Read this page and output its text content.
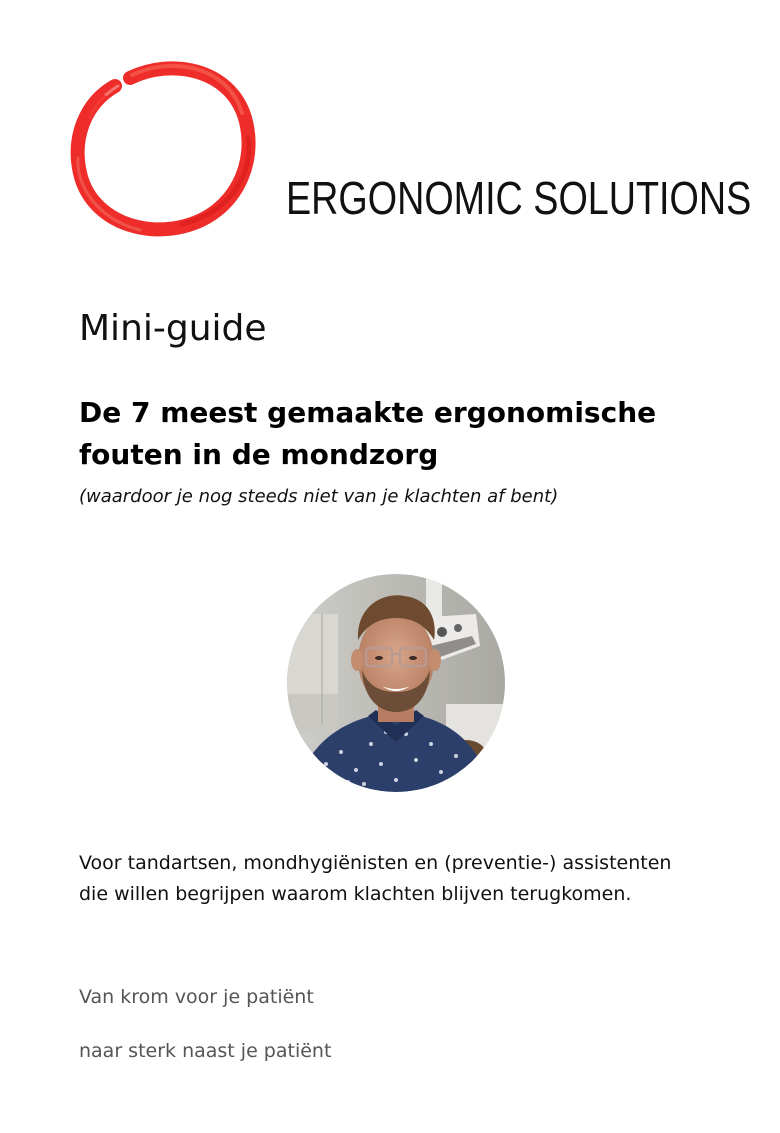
ERGONOMIC SOLUTIONS
Mini-guide
De 7 meest gemaakte ergonomische
fouten in de mondzorg
(waardoor je nog steeds niet van je klachten af bent)
Voor tandartsen, mondhygiënisten en (preventie-) assistenten
die willen begrijpen waarom klachten blijven terugkomen.
Van krom voor je patiënt
naar sterk naast je patiënt
